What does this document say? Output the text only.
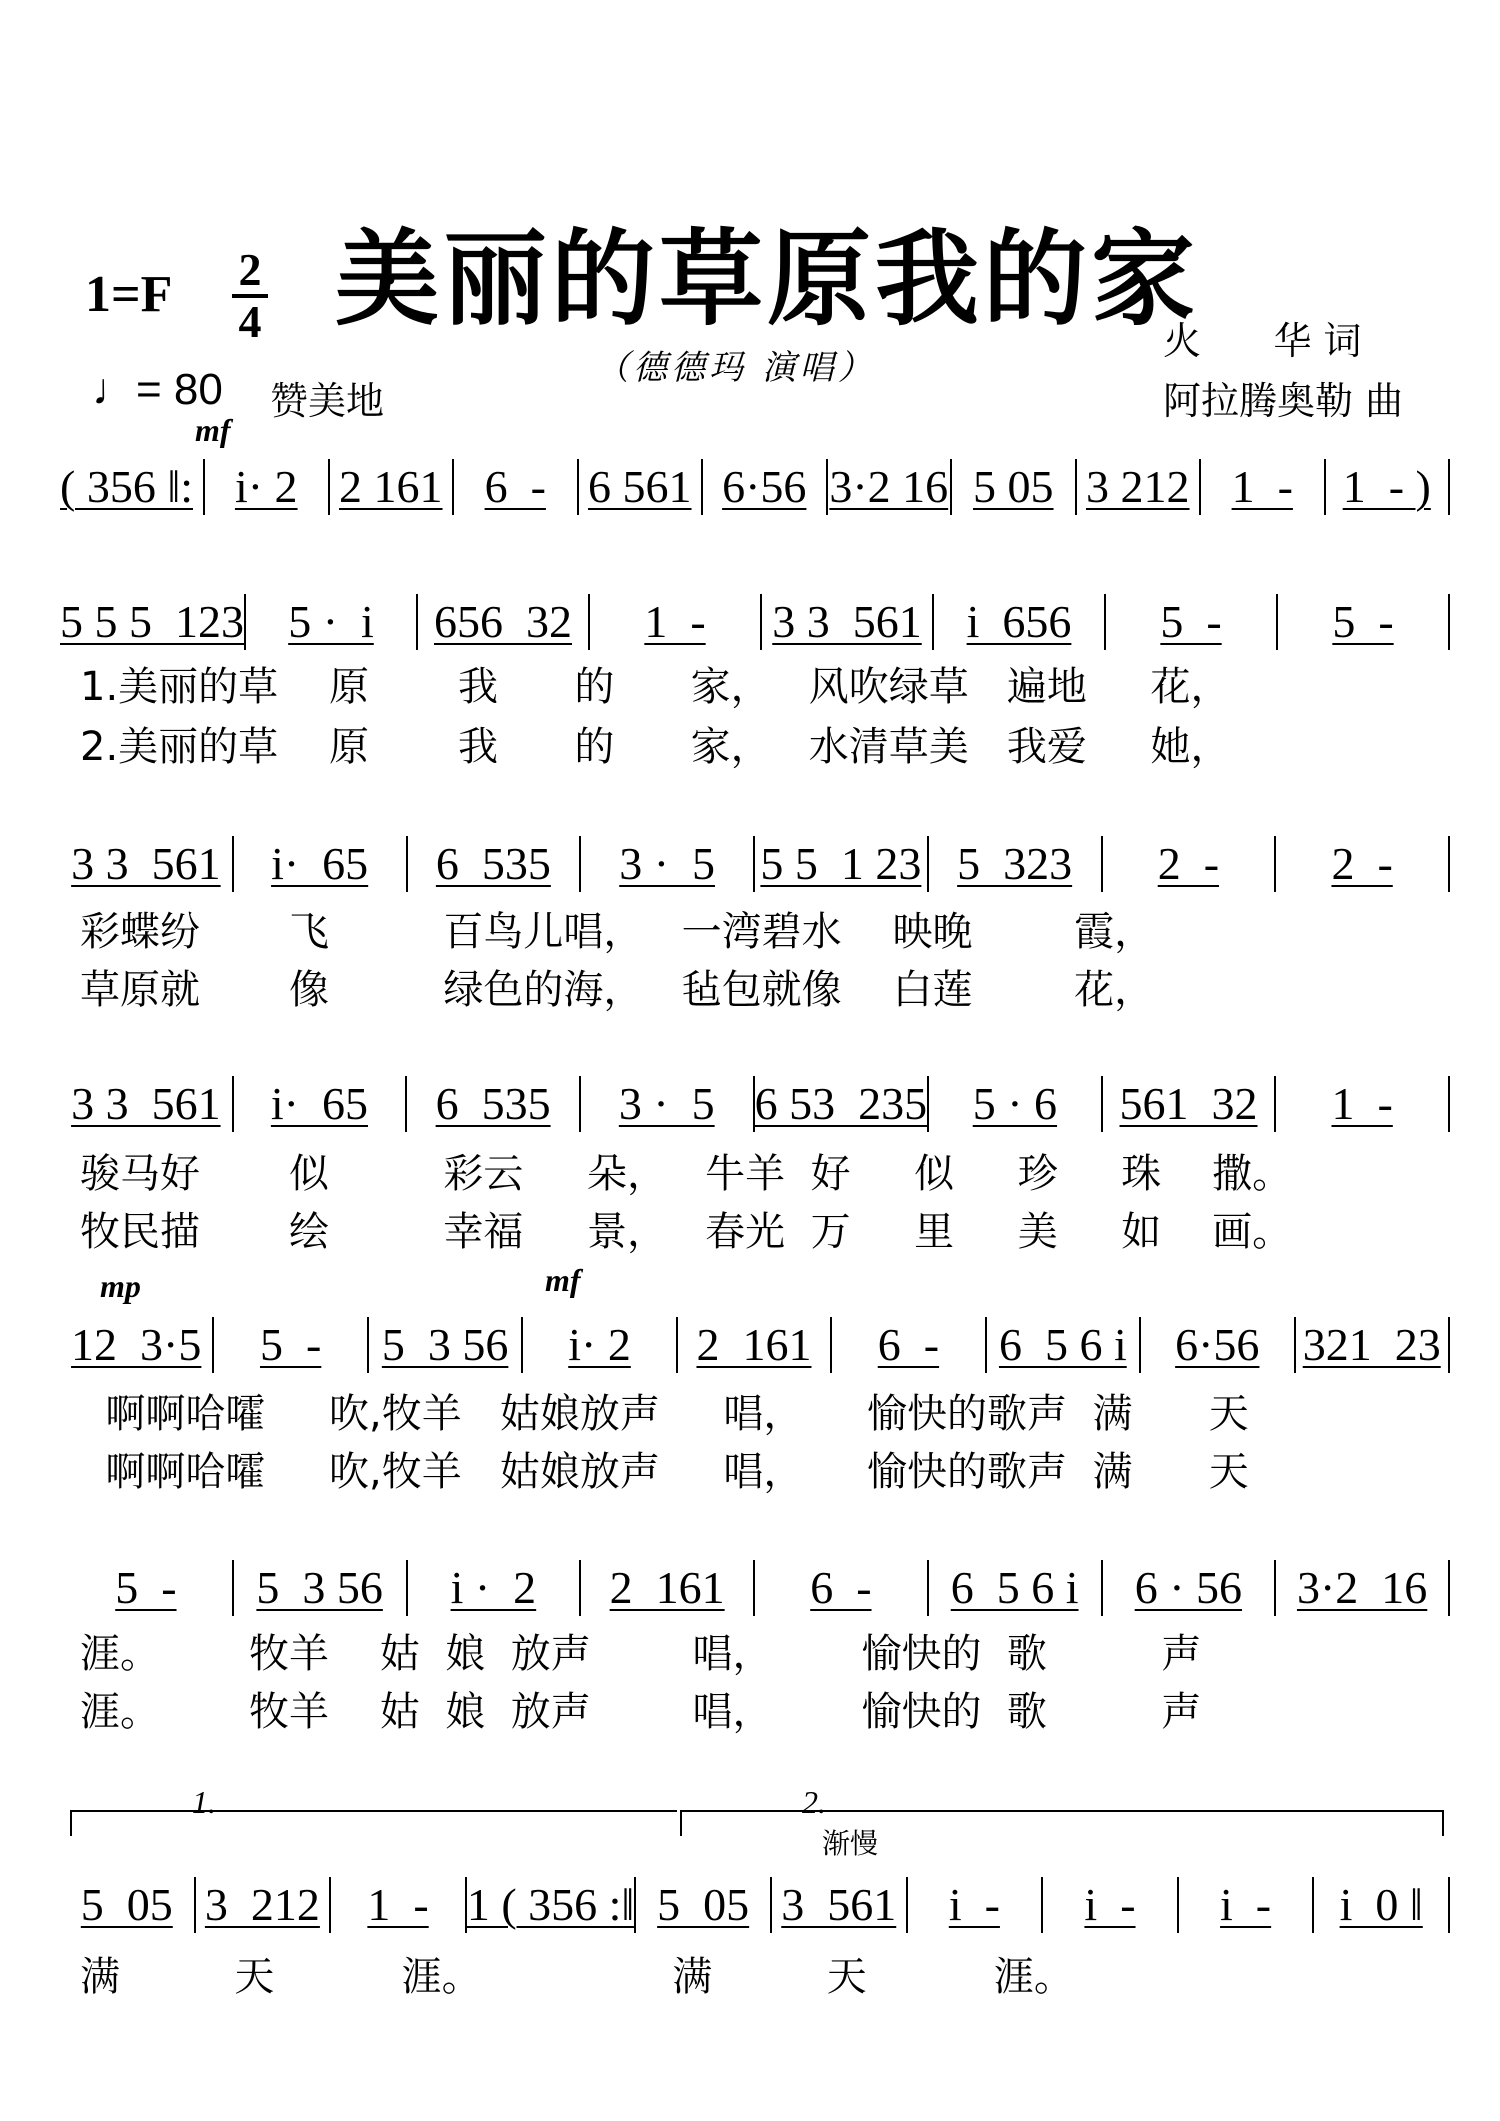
美丽的草原我的家
1=F 2
4
（德德玛 演唱）
火      华 词
阿拉腾奥勒 曲
♩= 80 赞美地
mf
mp	mf
1.	2.
渐慢
( 356 ‖: i· 2 2 161 6  - 6 561 6·56 3·2 16 5 05 3 212 1  -	1  - )
5 5 5  123 5 ·  i	656  32	1  -	3 3  561 i  656	5  -	5  -
1.美丽的草    原       我      的      家，   风吹绿草   遍地     花，
2.美丽的草    原       我      的      家，   水清草美   我爱     她，
3 3  561	i·  65	6  535	3 ·  5 5 5  1 23 5  323	2  -	2  -
彩蝶纷       飞         百鸟儿唱，   一湾碧水    映晚        霞，
草原就       像         绿色的海，   毡包就像    白莲        花，
3 3  561	i·  65	6  535	3 ·  5 6 53  235 5 · 6	561  32	1  -
骏马好       似         彩云     朵，   牛羊  好     似     珍     珠    撒。
牧民描       绘         幸福     景，   春光  万     里     美     如    画。
12  3·5	5  -	5  3 56	i· 2	2  161	6  -	6  5 6 i	6·56 321  23
啊啊哈嚯     吹,牧羊   姑娘放声     唱，     愉快的歌声  满      天
啊啊哈嚯     吹,牧羊   姑娘放声     唱，     愉快的歌声  满      天
5  -	5  3 56	i ·  2	2  161	6  -	6  5 6 i	6 · 56	3·2  16
涯。       牧羊    姑  娘  放声        唱，       愉快的  歌         声
涯。       牧羊    姑  娘  放声        唱，       愉快的  歌         声
5  05 3  212	1  - 1 ( 356 :‖ 5  05 3  561	i  -	i  -	i  -	i  0 ‖
满         天          涯。               满         天          涯。
